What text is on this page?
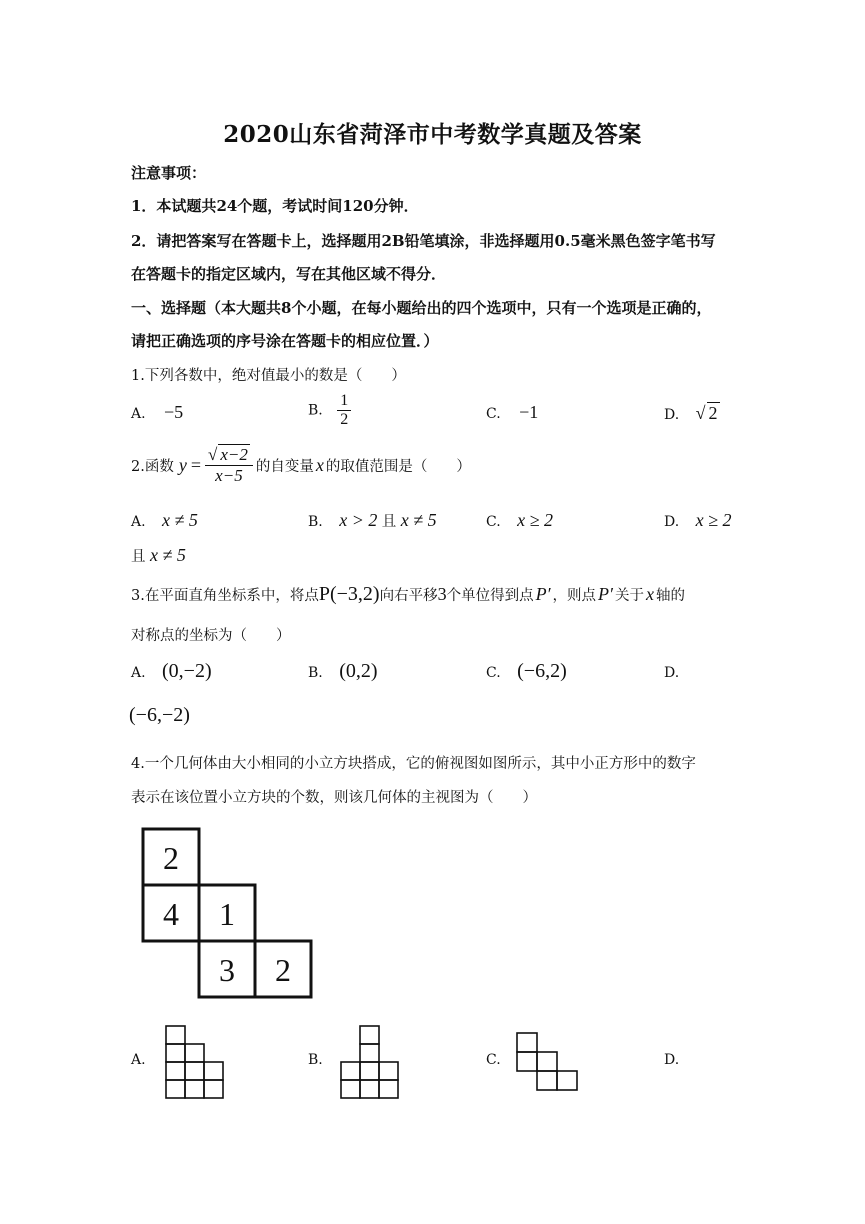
2020山东省菏泽市中考数学真题及答案
注意事项：
1．本试题共24个题，考试时间120分钟．
2．请把答案写在答题卡上，选择题用2B铅笔填涂，非选择题用0.5毫米黑色签字笔书写
在答题卡的指定区域内，写在其他区域不得分．
一、选择题（本大题共8个小题，在每小题给出的四个选项中，只有一个选项是正确的，
请把正确选项的序号涂在答题卡的相应位置．）
1.下列各数中，绝对值最小的数是（　　）
A. −5	B. $\frac{1}{2}$	C. −1	D. √ 2
2.函数 $y = \frac{√ x-2}{x-5}$ 的自变量 x 的取值范围是（　　）
A. x ≠ 5	B. x > 2 且 x ≠ 5	C. x ≥ 2	D. x ≥ 2
且 x ≠ 5
3.在平面直角坐标系中，将点 P(−3,2) 向右平移 3 个单位得到点 P′ ，则点 P′ 关于 x 轴的
对称点的坐标为（　　）
A. (0,−2)	B. (0,2)	C. (−6,2)	D.
(−6,−2)
4.一个几何体由大小相同的小立方块搭成，它的俯视图如图所示，其中小正方形中的数字
表示在该位置小立方块的个数，则该几何体的主视图为（　　）
2
4 1
3 2
A.	B.	C.	D.
